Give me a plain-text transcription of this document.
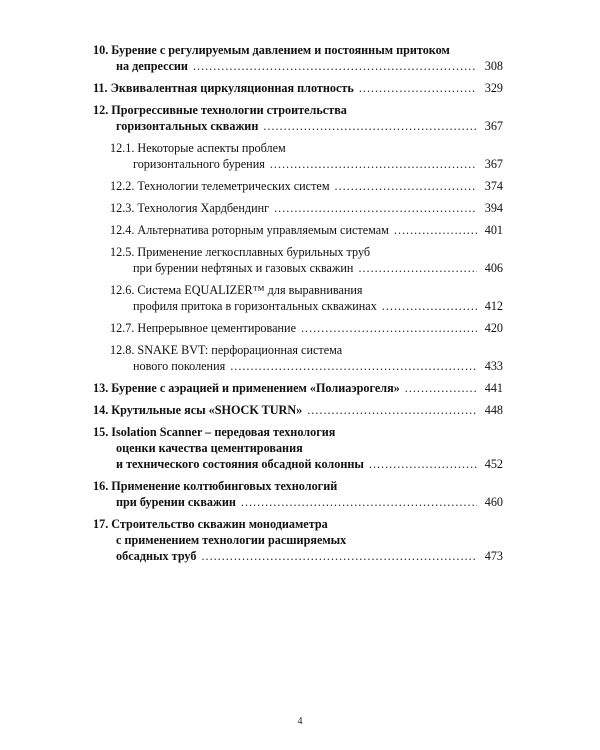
10. Бурение с регулируемым давлением и постоянным притоком
на депрессии .....	308
11. Эквивалентная циркуляционная плотность .....	329
12. Прогрессивные технологии строительства
горизонтальных скважин .....	367
12.1. Некоторые аспекты проблем
горизонтального бурения .....	367
12.2. Технологии телеметрических систем .....	374
12.3. Технология Хардбендинг .....	394
12.4. Альтернатива роторным управляемым системам .....	401
12.5. Применение легкосплавных бурильных труб
при бурении нефтяных и газовых скважин .....	406
12.6. Система EQUALIZER™ для выравнивания
профиля притока в горизонтальных скважинах .....	412
12.7. Непрерывное цементирование .....	420
12.8. SNAKE BVT: перфорационная система
нового поколения .....	433
13. Бурение с аэрацией и применением «Полиаэрогеля» .....	441
14. Крутильные ясы «SHOCK TURN» .....	448
15. Isolation Scanner – передовая технология
оценки качества цементирования
и технического состояния обсадной колонны .....	452
16. Применение колтюбинговых технологий
при бурении скважин .....	460
17. Строительство скважин монодиаметра
с применением технологии расширяемых
обсадных труб .....	473
4
